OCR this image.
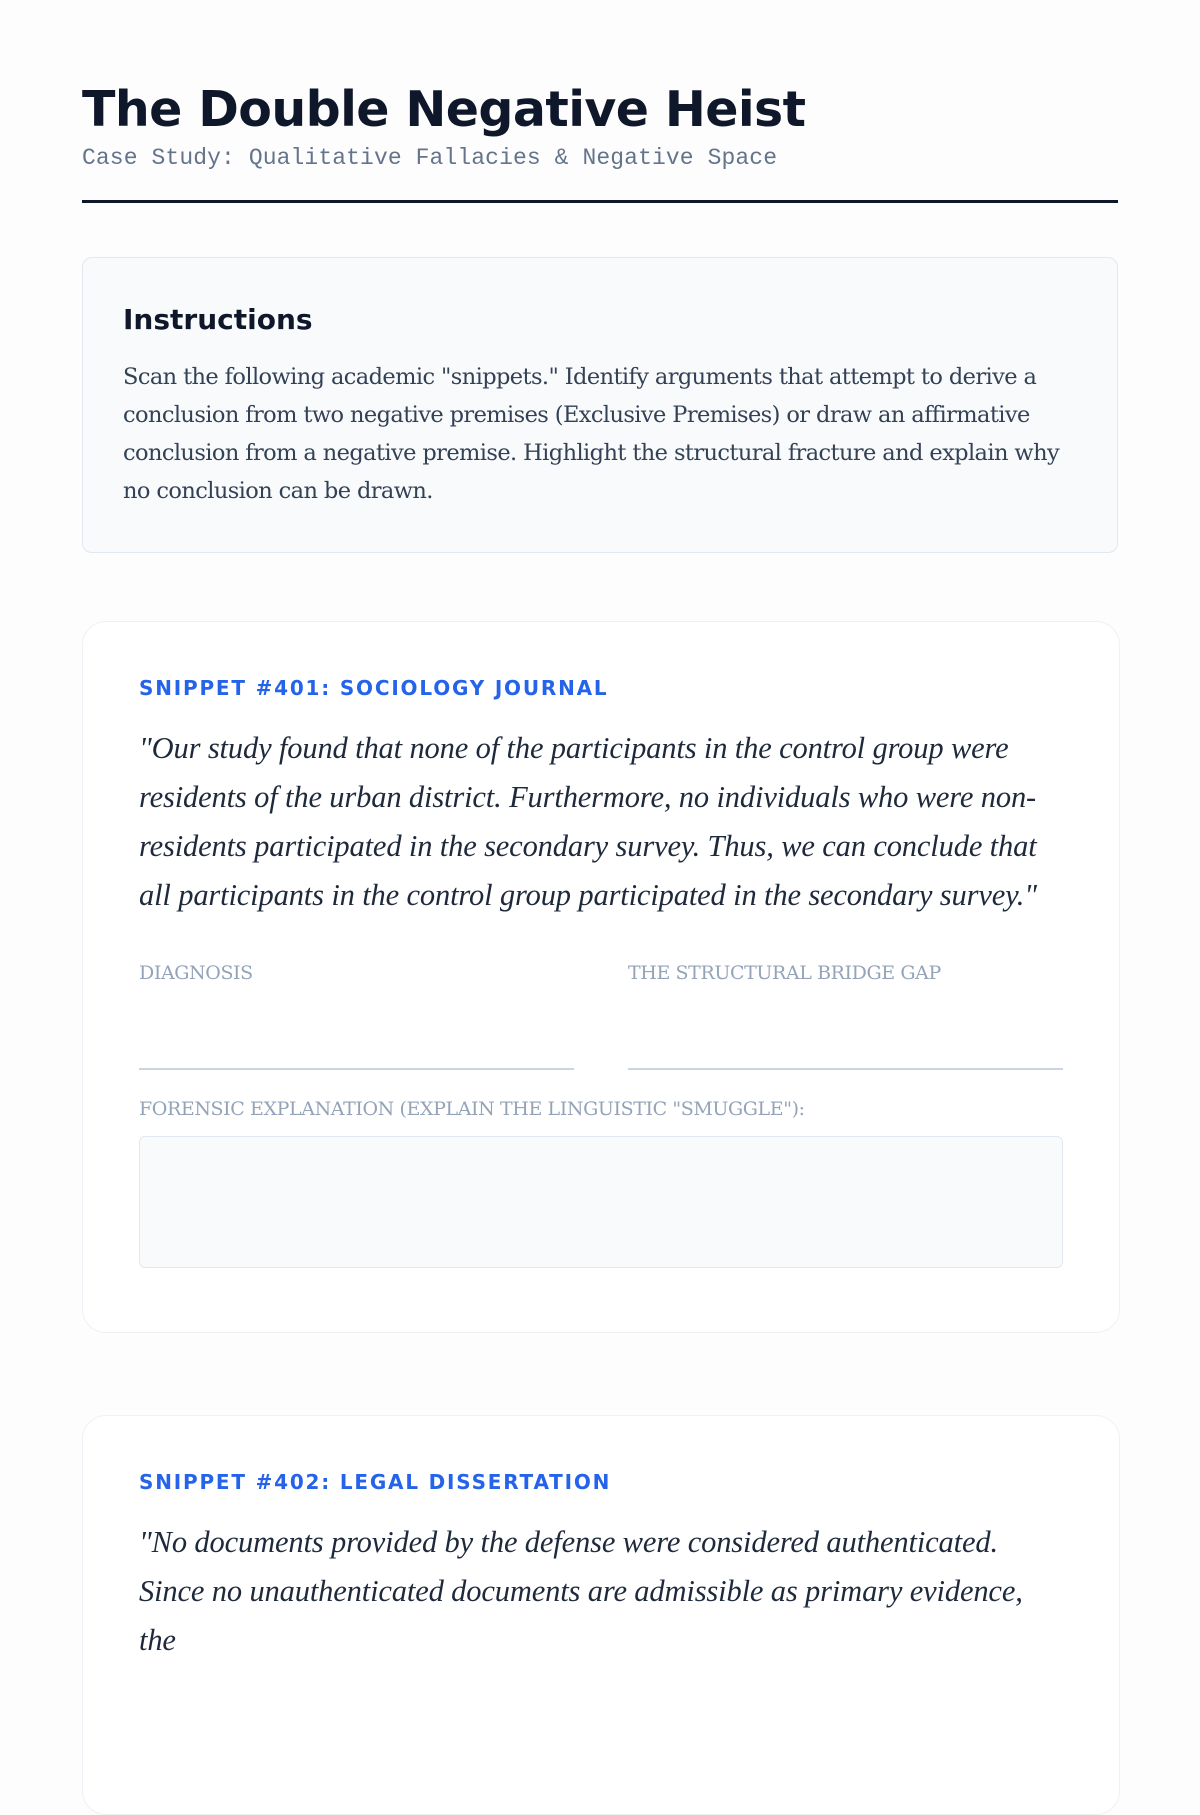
The Double Negative Heist
Case Study: Qualitative Fallacies & Negative Space
Instructions

Scan the following academic "snippets." Identify arguments that attempt to derive a conclusion from two negative premises (Exclusive Premises) or draw an affirmative conclusion from a negative premise. Highlight the structural fracture and explain why no conclusion can be drawn.

SNIPPET #401: SOCIOLOGY JOURNAL
"Our study found that none of the participants in the control group were residents of the urban district. Furthermore, no individuals who were non-residents participated in the secondary survey. Thus, we can conclude that all participants in the control group participated in the secondary survey."
DIAGNOSIS	THE STRUCTURAL BRIDGE GAP
FORENSIC EXPLANATION (EXPLAIN THE LINGUISTIC "SMUGGLE"):
SNIPPET #402: LEGAL DISSERTATION
"No documents provided by the defense were considered authenticated. Since no unauthenticated documents are admissible as primary evidence, the
